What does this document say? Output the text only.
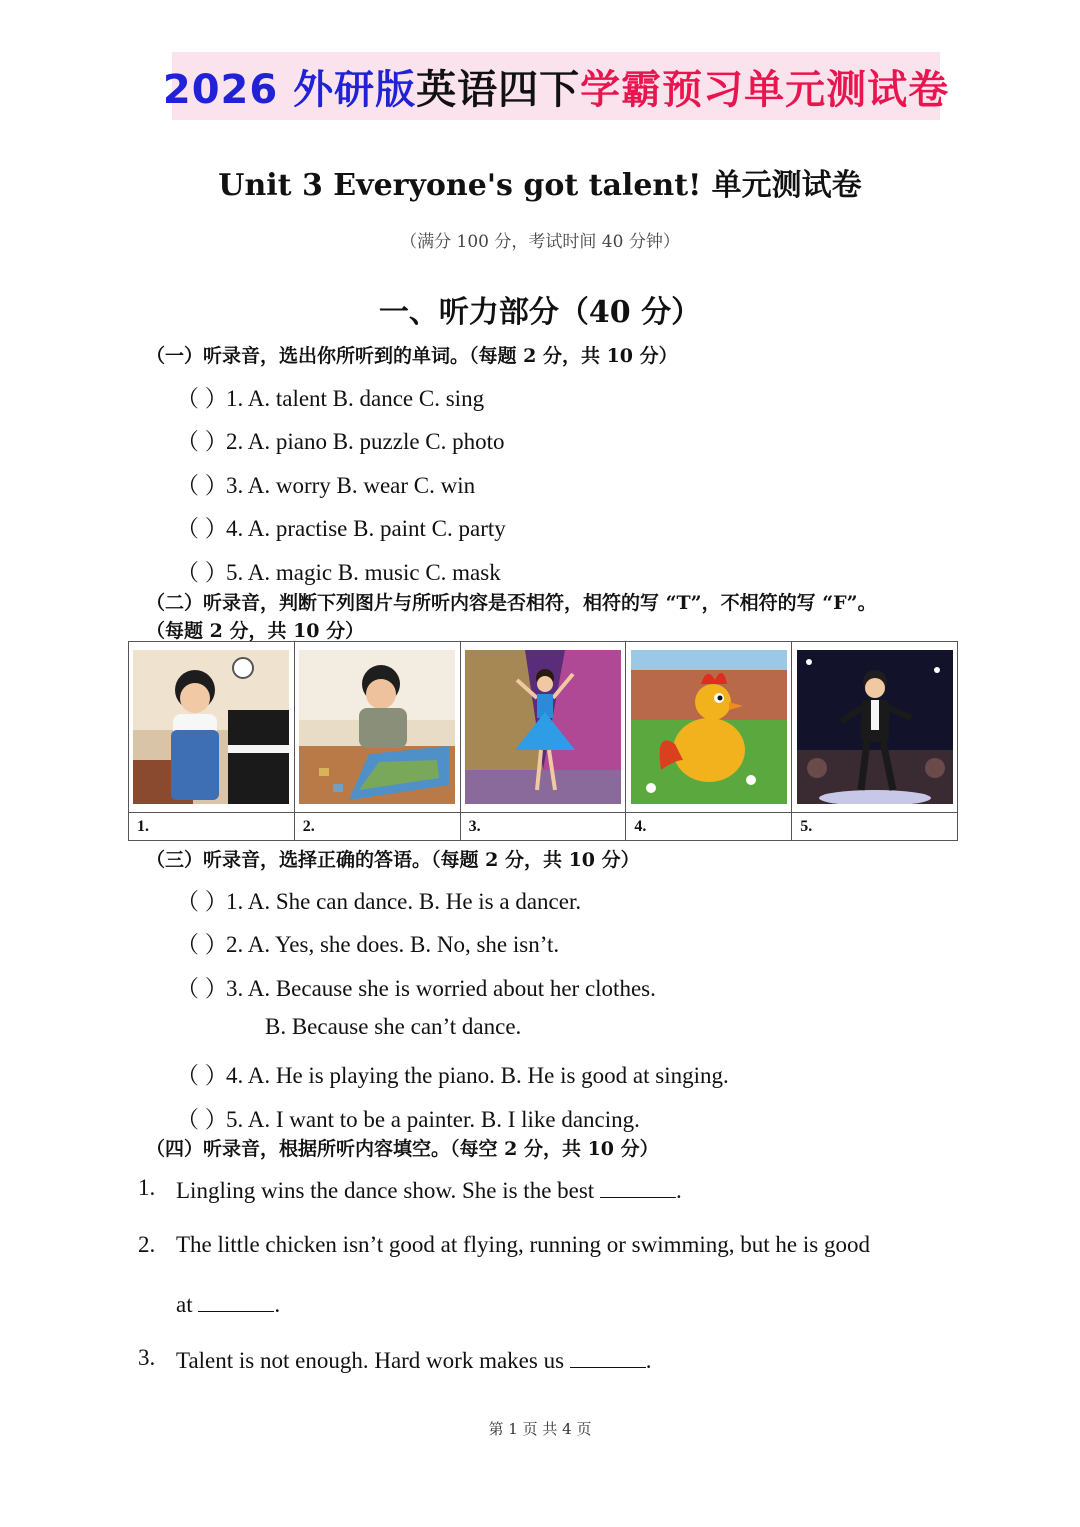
2026 外研版 英语四下 学霸预习单元测试卷
Unit 3 Everyone's got talent! 单元测试卷
（满分 100 分，考试时间 40 分钟）
一、听力部分（40 分）
（一）听录音，选出你所听到的单词。（每题 2 分，共 10 分）
（ ）1. A. talent B. dance C. sing
（ ）2. A. piano B. puzzle C. photo
（ ）3. A. worry B. wear C. win
（ ）4. A. practise B. paint C. party
（ ）5. A. magic B. music C. mask
（二）听录音，判断下列图片与所听内容是否相符，相符的写 “T”，不相符的写 “F”。
（每题 2 分，共 10 分）

1.	2.	3.	4.	5.
（三）听录音，选择正确的答语。（每题 2 分，共 10 分）
（ ）1. A. She can dance. B. He is a dancer.
（ ）2. A. Yes, she does. B. No, she isn’t.
（ ）3. A. Because she is worried about her clothes.
B. Because she can’t dance.
（ ）4. A. He is playing the piano. B. He is good at singing.
（ ）5. A. I want to be a painter. B. I like dancing.
（四）听录音，根据所听内容填空。（每空 2 分，共 10 分）
1. Lingling wins the dance show. She is the best	.
2. The little chicken isn’t good at flying, running or swimming, but he is good
at	.
3. Talent is not enough. Hard work makes us	.
第 1 页 共 4 页
